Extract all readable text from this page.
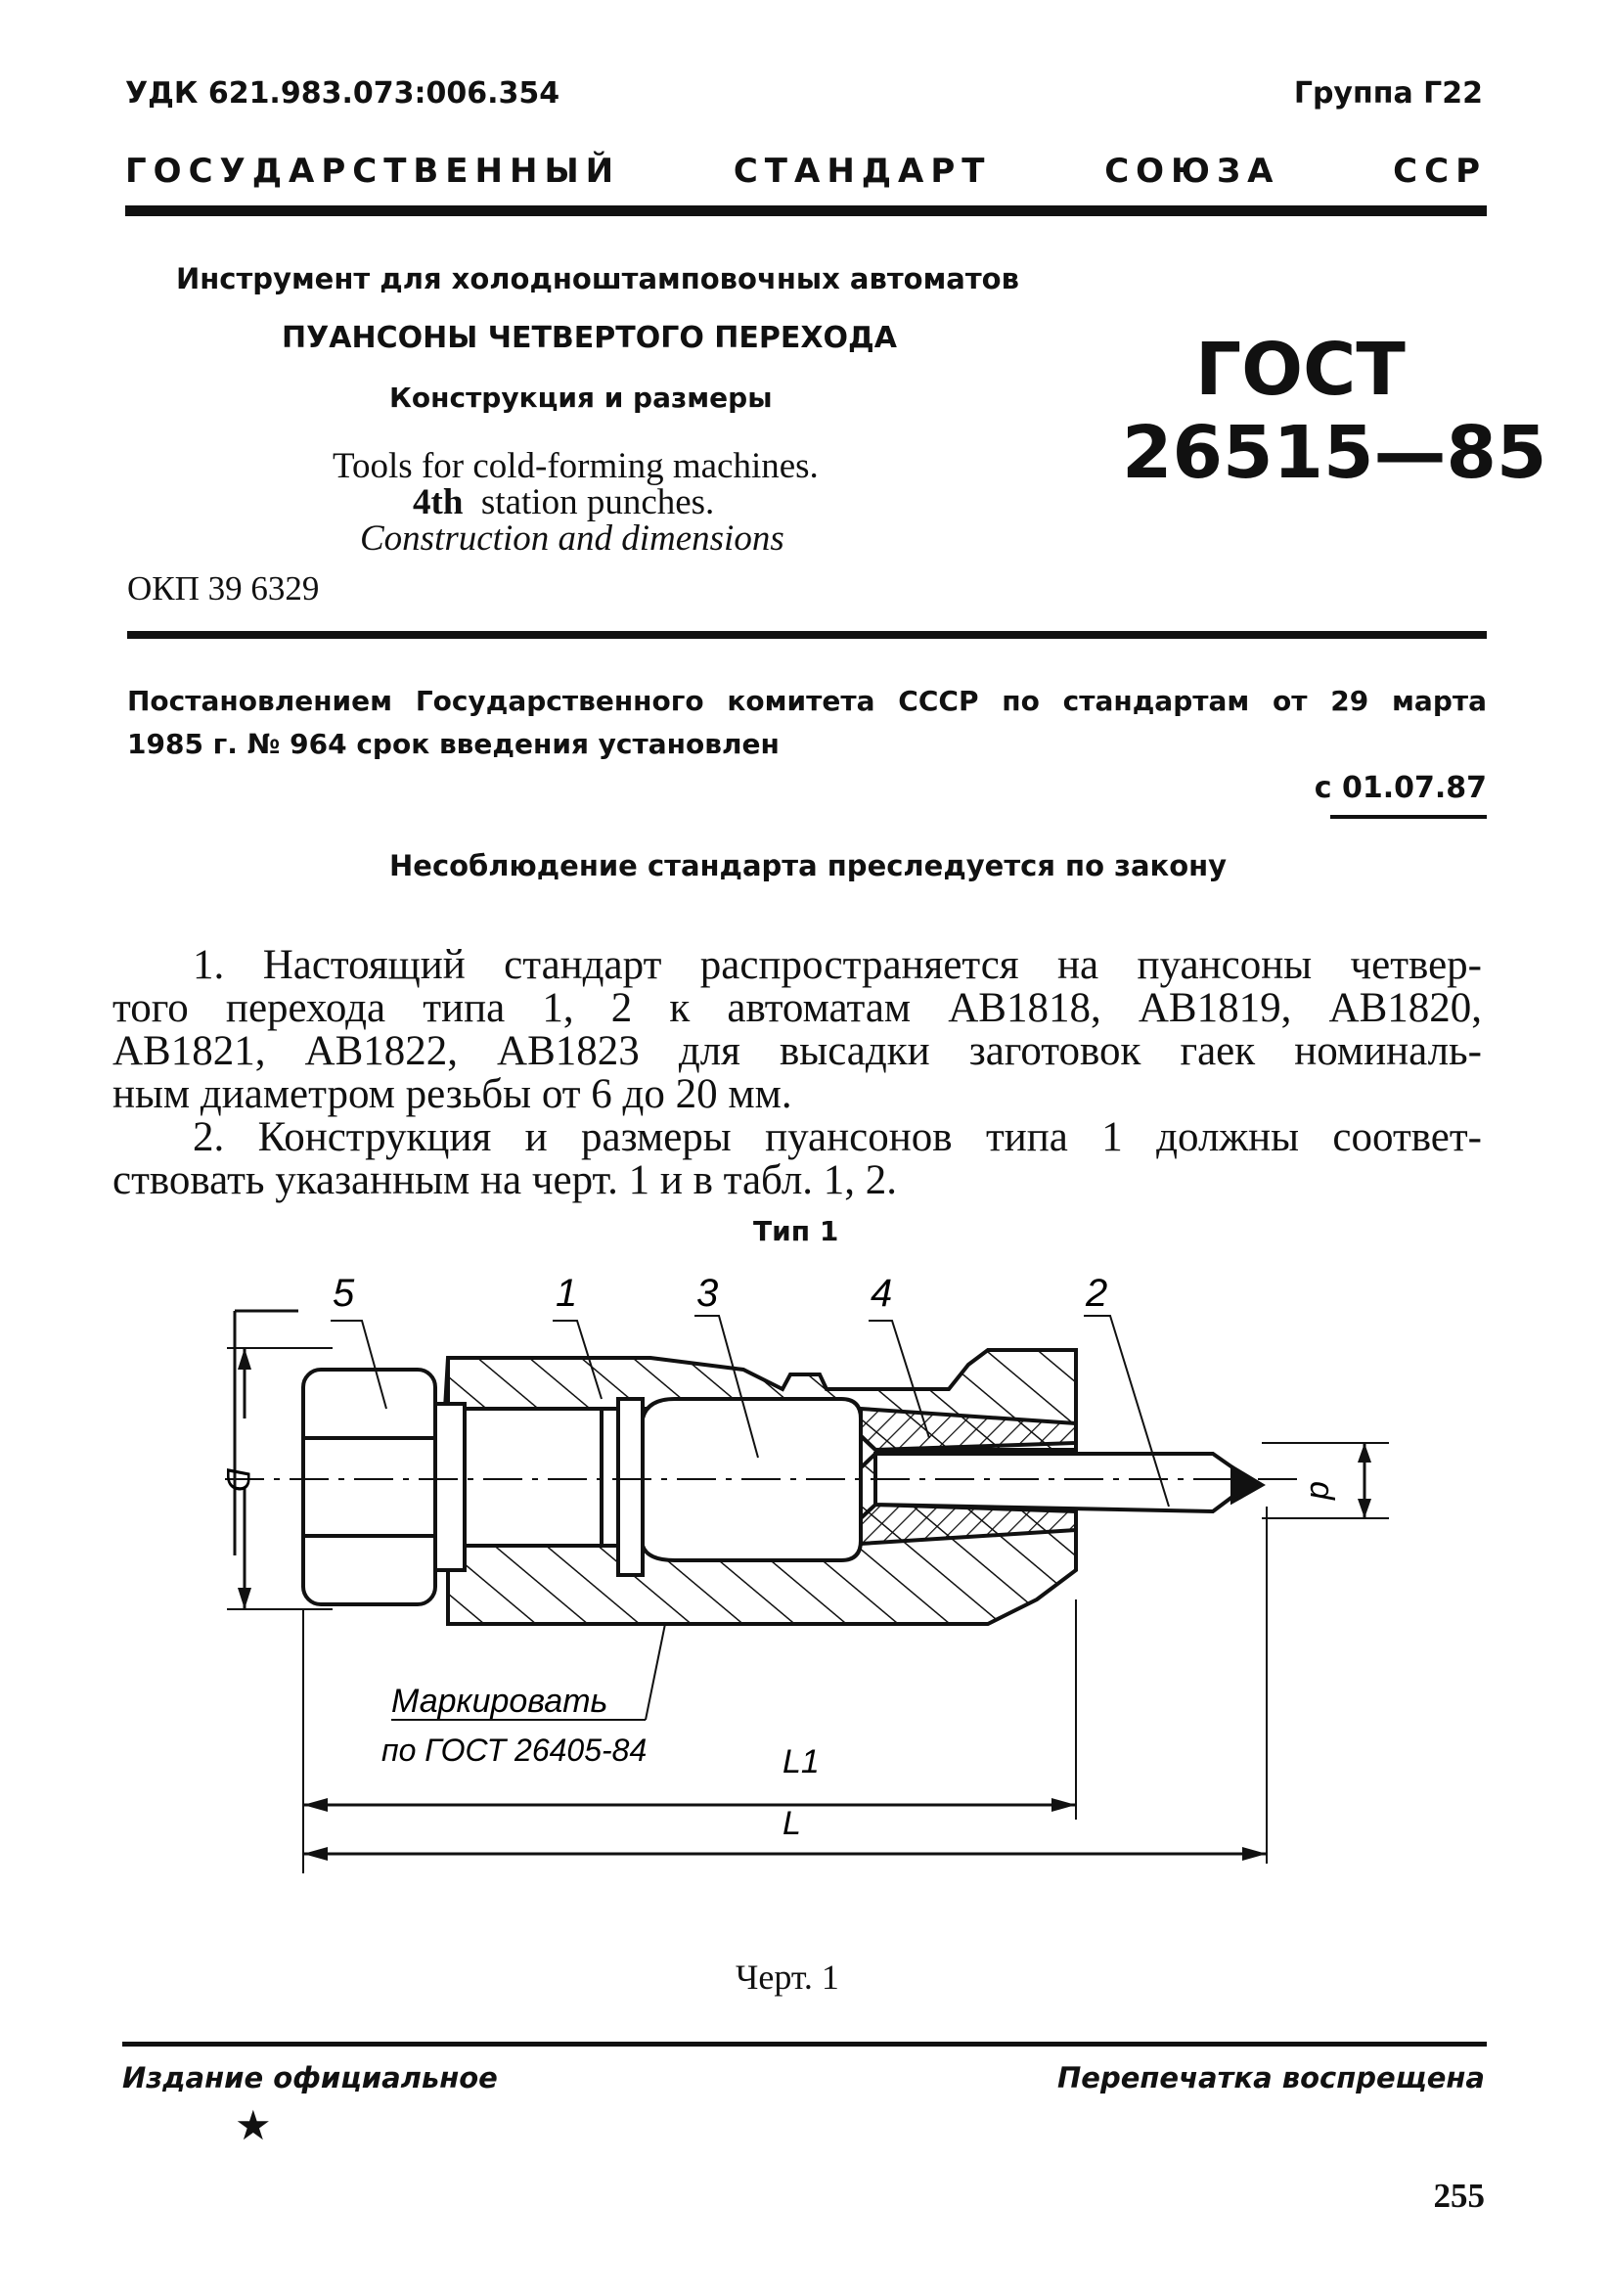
УДК 621.983.073:006.354	Группа Г22
ГОСУДАРСТВЕННЫЙ СТАНДАРТ СОЮЗА ССР
Инструмент для холодноштамповочных автоматов
ПУАНСОНЫ ЧЕТВЕРТОГО ПЕРЕХОДА
Конструкция и размеры
Tools for cold-forming machines.
4th station punches.
Construction and dimensions
ОКП 39 6329
ГОСТ
26515—85
Постановлением Государственного комитета СССР по стандартам от 29 марта
1985 г. № 964 срок введения установлен
с 01.07.87
Несоблюдение стандарта преследуется по закону
1. Настоящий стандарт распространяется на пуансоны четвер-
того перехода типа 1, 2 к автоматам АВ1818, АВ1819, АВ1820,
АВ1821, АВ1822, АВ1823 для высадки заготовок гаек номиналь-
ным диаметром резьбы от 6 до 20 мм.
2. Конструкция и размеры пуансонов типа 1 должны соответ-
ствовать указанным на черт. 1 и в табл. 1, 2.
Тип 1
D	d
5	1	3	4	2
Маркировать
по ГОСТ 26405-84	L1
L
Черт. 1
Издание официальное	Перепечатка воспрещена
★
255
